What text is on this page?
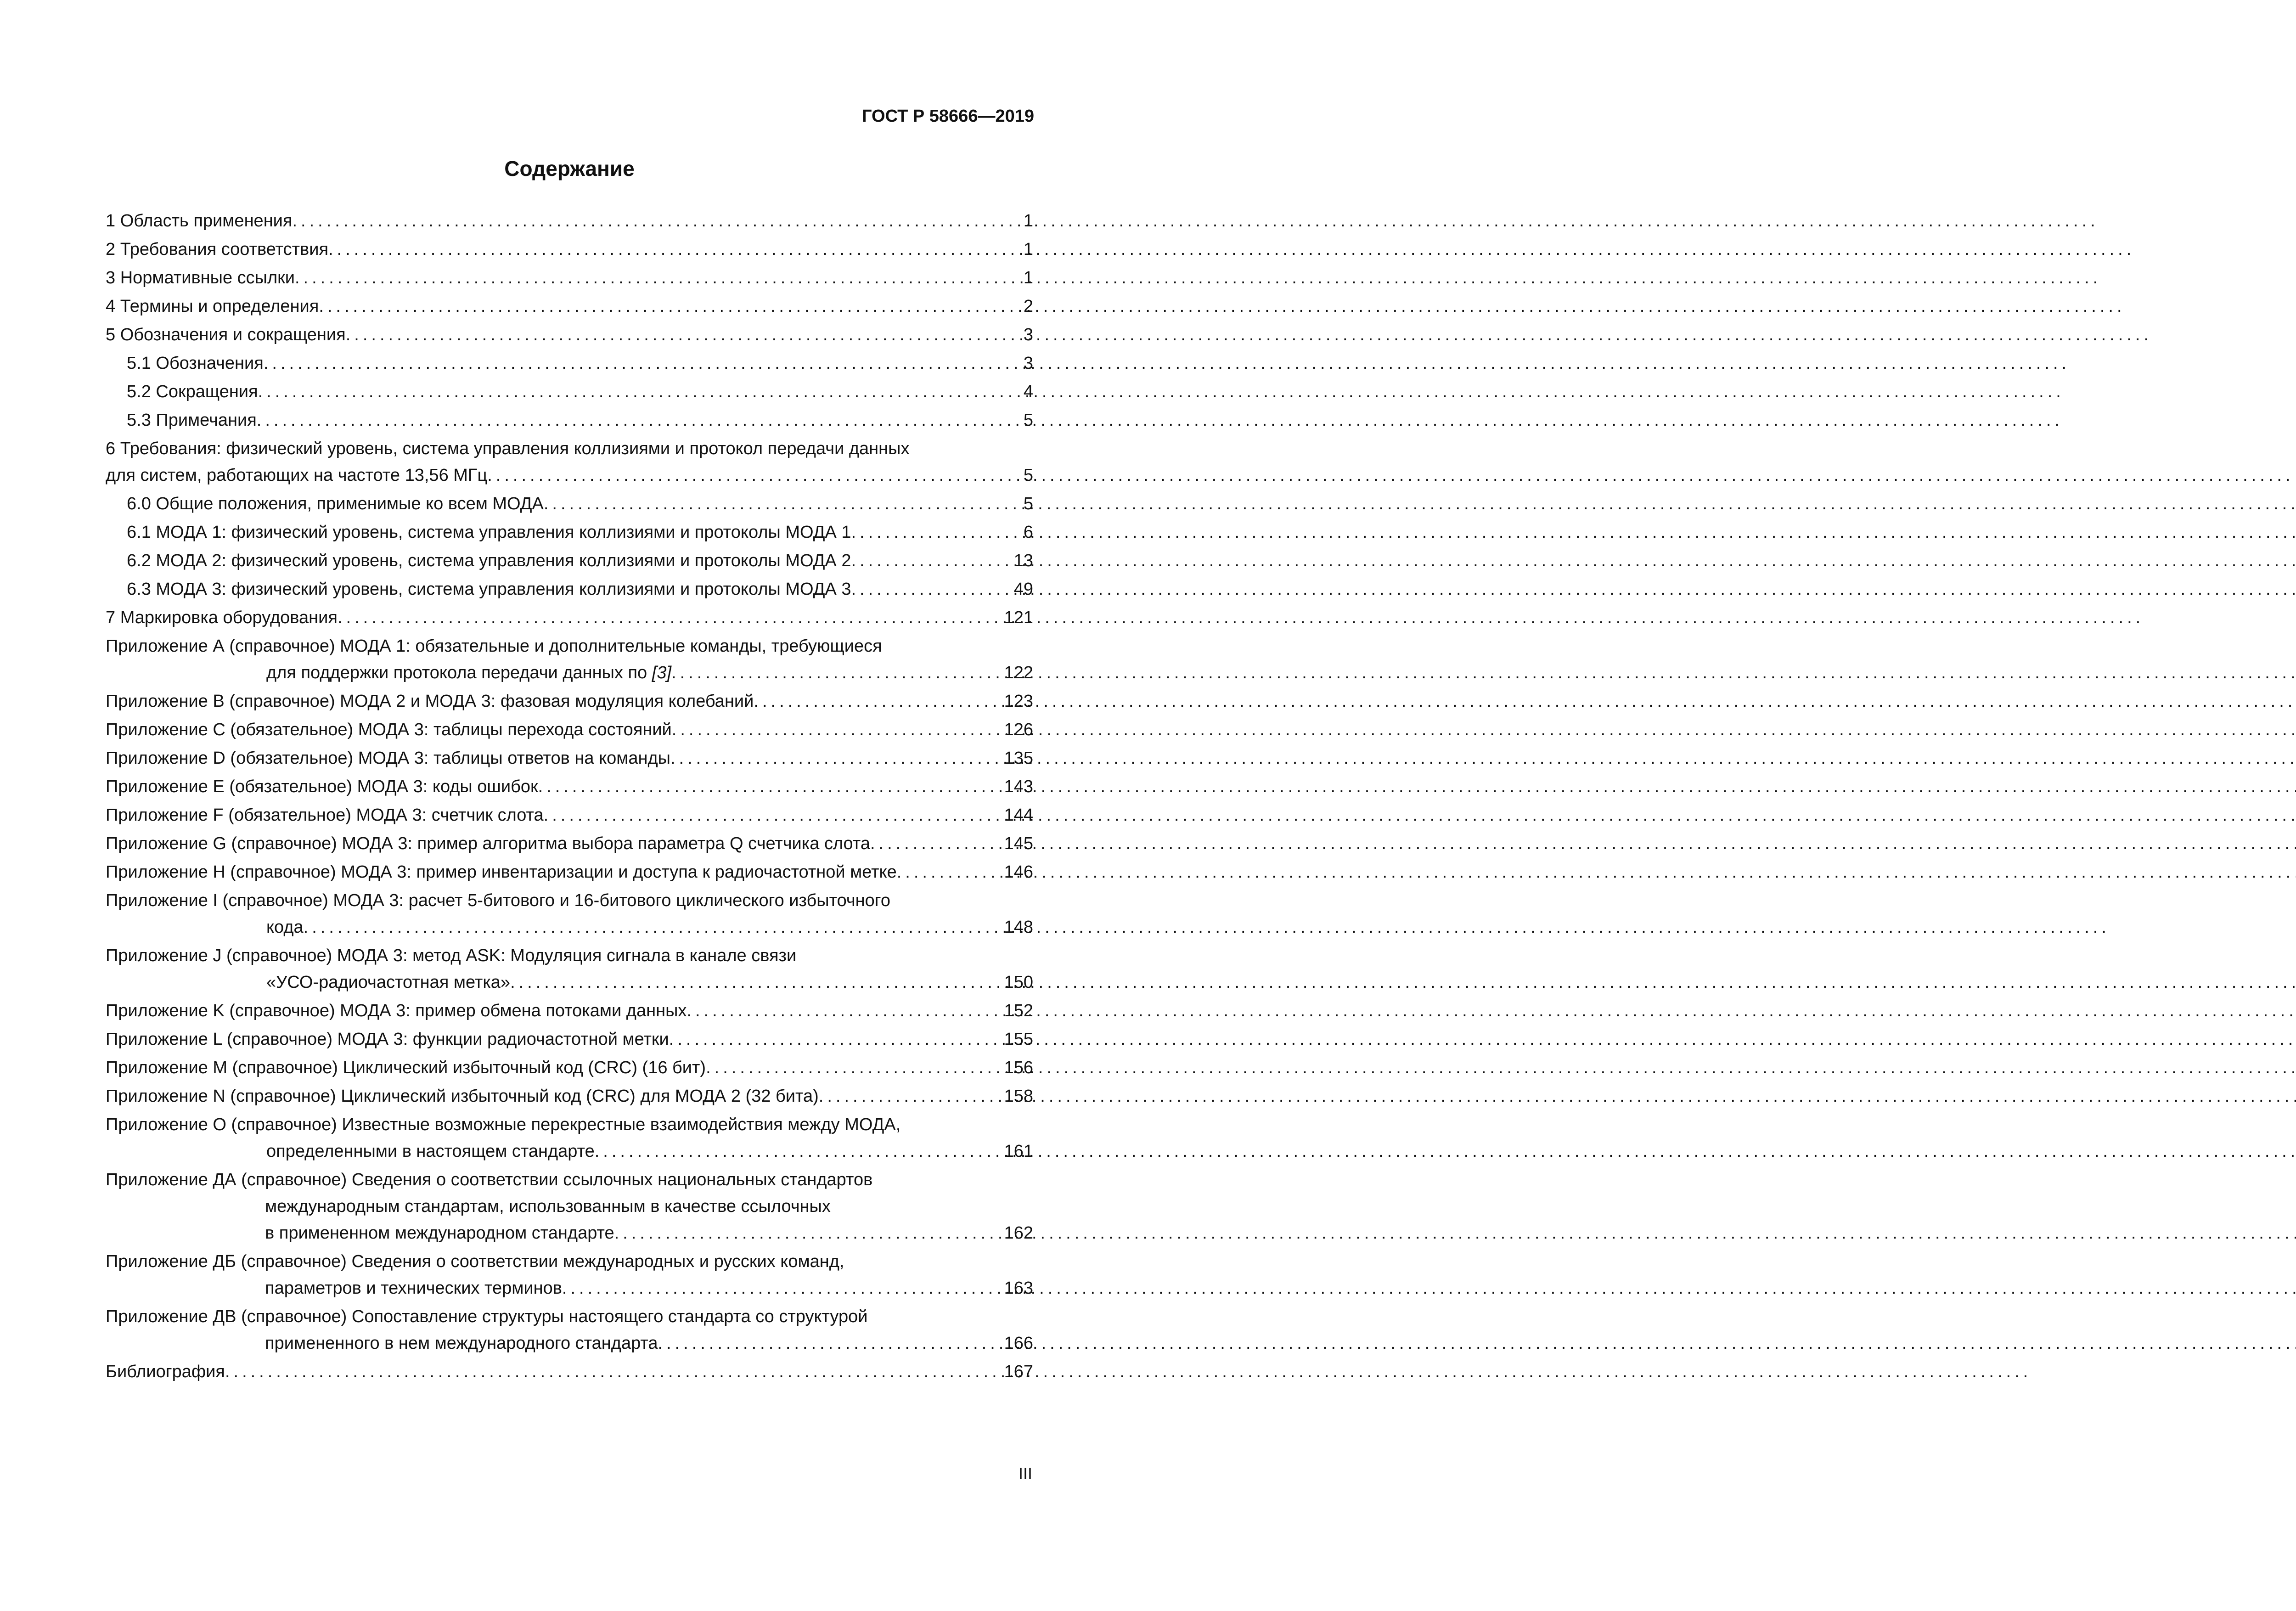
ГОСТ Р 58666—2019
Содержание
1 Область применения .....	1
2 Требования соответствия .....	1
3 Нормативные ссылки .....	1
4 Термины и определения .....	2
5 Обозначения и сокращения .....	3
5.1 Обозначения .....	3
5.2 Сокращения .....	4
5.3 Примечания .....	5
6 Требования: физический уровень, система управления коллизиями и протокол передачи данных
для систем, работающих на частоте 13,56 МГц .....	5
6.0 Общие положения, применимые ко всем МОДА .....	5
6.1 МОДА 1: физический уровень, система управления коллизиями и протоколы МОДА 1 .....	6
6.2 МОДА 2: физический уровень, система управления коллизиями и протоколы МОДА 2 .....	13
6.3 МОДА 3: физический уровень, система управления коллизиями и протоколы МОДА 3 .....	49
7 Маркировка оборудования .....	121
Приложение А (справочное) МОДА 1: обязательные и дополнительные команды, требующиеся
для поддержки протокола передачи данных по [3] .....	122
Приложение В (справочное) МОДА 2 и МОДА 3: фазовая модуляция колебаний .....	123
Приложение С (обязательное) МОДА 3: таблицы перехода состояний .....	126
Приложение D (обязательное) МОДА 3: таблицы ответов на команды .....	135
Приложение Е (обязательное) МОДА 3: коды ошибок .....	143
Приложение F (обязательное) МОДА 3: счетчик слота .....	144
Приложение G (справочное) МОДА 3: пример алгоритма выбора параметра Q счетчика слота .....	145
Приложение Н (справочное) МОДА 3: пример инвентаризации и доступа к радиочастотной метке .....	146
Приложение I (справочное) МОДА 3: расчет 5-битового и 16-битового циклического избыточного
кода .....	148
Приложение J (справочное) МОДА 3: метод ASK: Модуляция сигнала в канале связи
«УСО-радиочастотная метка» .....	150
Приложение K (справочное) МОДА 3: пример обмена потоками данных .....	152
Приложение L (справочное) МОДА 3: функции радиочастотной метки .....	155
Приложение М (справочное) Циклический избыточный код (CRC) (16 бит) .....	156
Приложение N (справочное) Циклический избыточный код (CRC) для МОДА 2 (32 бита) .....	158
Приложение О (справочное) Известные возможные перекрестные взаимодействия между МОДА,
определенными в настоящем стандарте .....	161
Приложение ДА (справочное) Сведения о соответствии ссылочных национальных стандартов
международным стандартам, использованным в качестве ссылочных
в примененном международном стандарте .....	162
Приложение ДБ (справочное) Сведения о соответствии международных и русских команд,
параметров и технических терминов .....	163
Приложение ДВ (справочное) Сопоставление структуры настоящего стандарта со структурой
примененного в нем международного стандарта .....	166
Библиография .....	167
III
